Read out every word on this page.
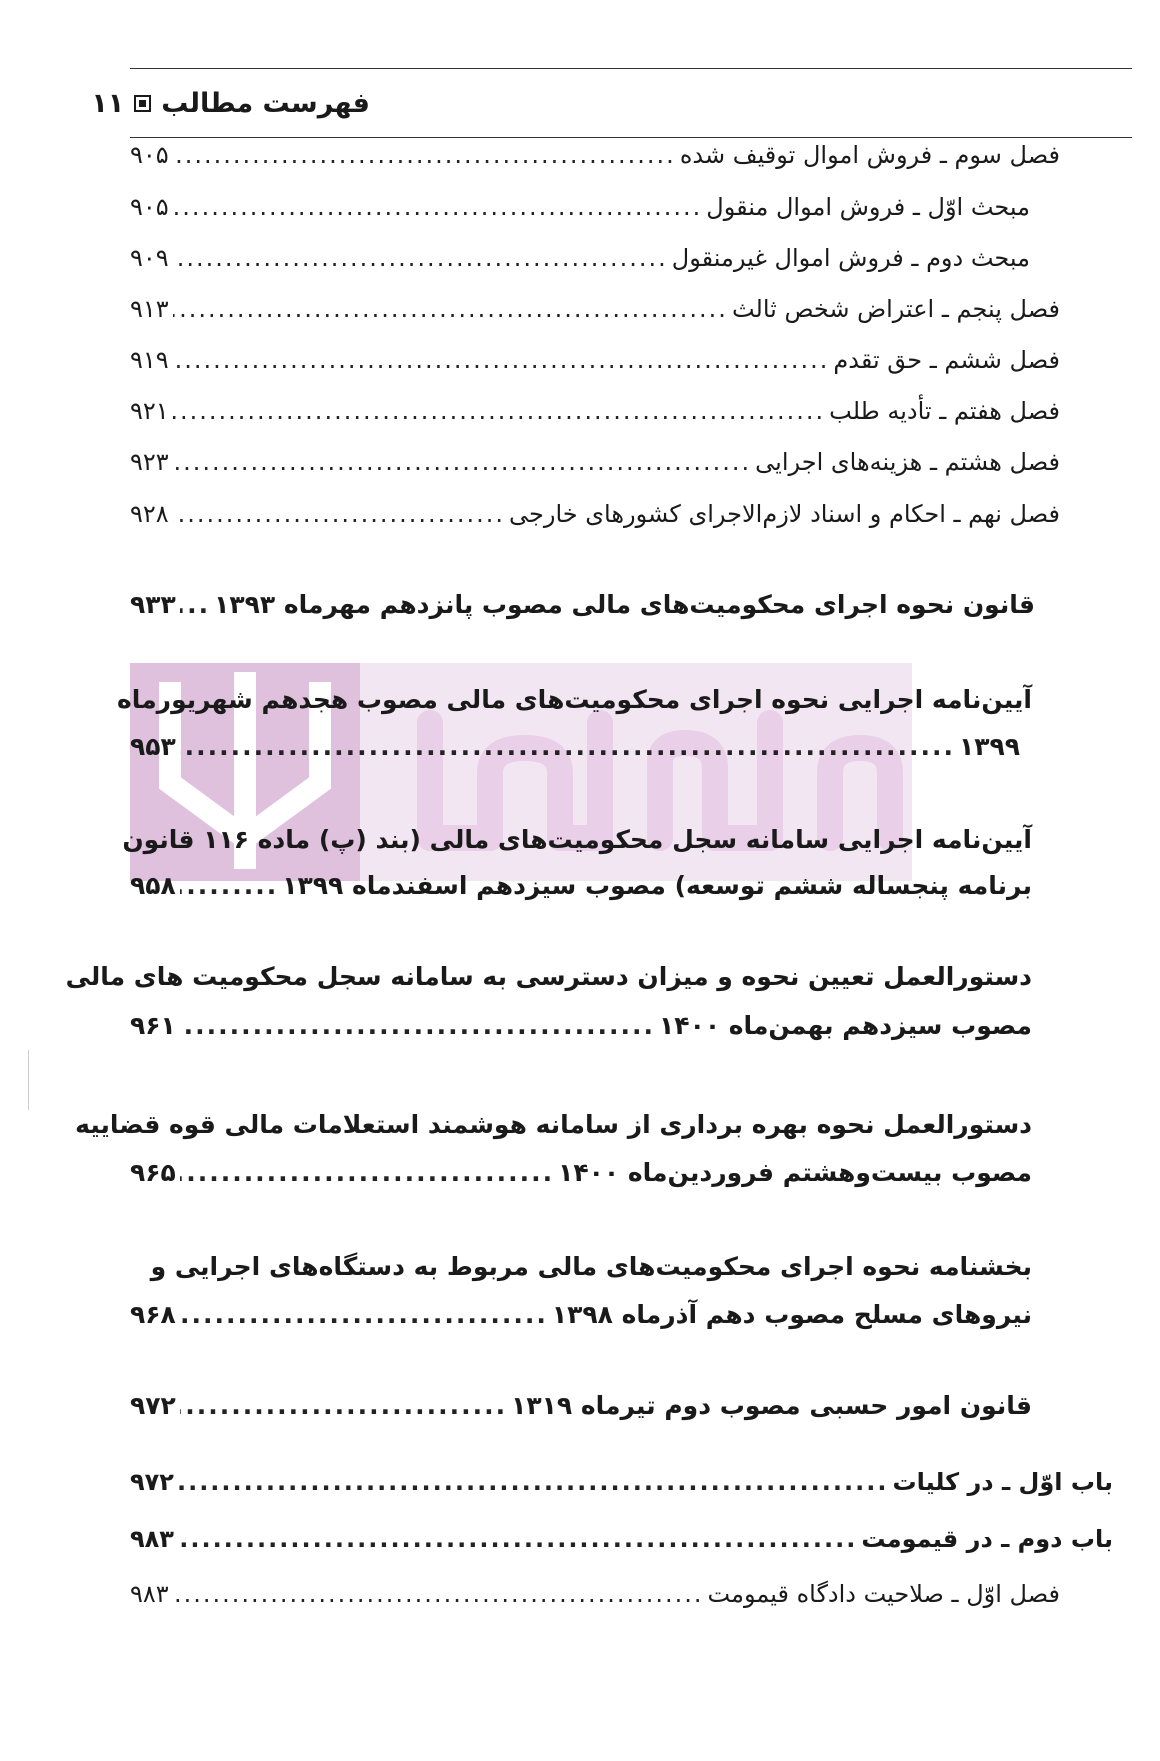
فهرست مطالب
۱۱
فصل سوم ـ فروش اموال توقیف شده
.....
۹۰۵
مبحث اوّل ـ فروش اموال منقول
.....
۹۰۵
مبحث دوم ـ فروش اموال غیرمنقول
.....
۹۰۹
فصل پنجم ـ اعتراض شخص ثالث
.....
۹۱۳
فصل ششم ـ حق تقدم
.....
۹۱۹
فصل هفتم ـ تأدیه طلب
.....
۹۲۱
فصل هشتم ـ هزینه‌های اجرایی
.....
۹۲۳
فصل نهم ـ احکام و اسناد لازم‌الاجرای کشورهای خارجی
.....
۹۲۸
قانون نحوه اجرای محکومیت‌های مالی مصوب پانزدهم مهرماه ۱۳۹۳
.....
۹۳۳
آیین‌نامه اجرایی نحوه اجرای محکومیت‌های مالی مصوب هجدهم شهریورماه
۱۳۹۹
.....
۹۵۳
آیین‌نامه اجرایی سامانه سجل محکومیت‌های مالی (بند (پ) ماده ۱۱۶ قانون
برنامه پنجساله ششم توسعه) مصوب سیزدهم اسفندماه ۱۳۹۹
.....
۹۵۸
دستورالعمل تعیین نحوه و میزان دسترسی به سامانه سجل محکومیت های مالی
مصوب سیزدهم بهمن‌ماه ۱۴۰۰
.....
۹۶۱
دستورالعمل نحوه بهره برداری از سامانه هوشمند استعلامات مالی قوه قضاییه
مصوب بیست‌وهشتم فروردین‌ماه ۱۴۰۰
.....
۹۶۵
بخشنامه نحوه اجرای محکومیت‌های مالی مربوط به دستگاه‌های اجرایی و
نیروهای مسلح مصوب دهم آذرماه ۱۳۹۸
.....
۹۶۸
قانون امور حسبی مصوب دوم تیرماه ۱۳۱۹
.....
۹۷۲
باب اوّل ـ در کلیات
.....
۹۷۲
باب دوم ـ در قیمومت
.....
۹۸۳
فصل اوّل ـ صلاحیت دادگاه قیمومت
.....
۹۸۳
